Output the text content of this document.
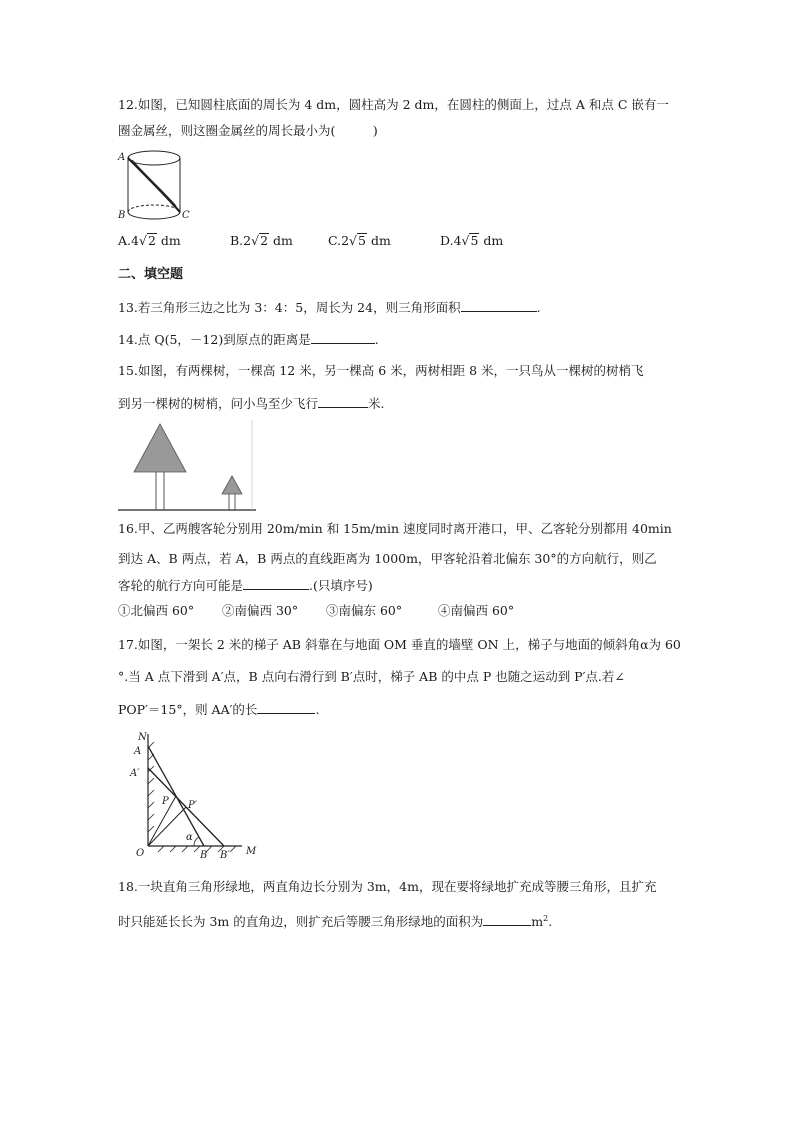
12.如图，已知圆柱底面的周长为 4 dm，圆柱高为 2 dm，在圆柱的侧面上，过点 A 和点 C 嵌有一
圈金属丝，则这圈金属丝的周长最小为(　　　)
A
B	C
A.4√2 dm	B.2√2 dm	C.2√5 dm	D.4√5 dm
二、填空题
13.若三角形三边之比为 3：4：5，周长为 24，则三角形面积	.
14.点 Q(5，－12)到原点的距离是	.
15.如图，有两棵树，一棵高 12 米，另一棵高 6 米，两树相距 8 米，一只鸟从一棵树的树梢飞
到另一棵树的树梢，问小鸟至少飞行	米.
16.甲、乙两艘客轮分别用 20m/min 和 15m/min 速度同时离开港口，甲、乙客轮分别都用 40min
到达 A、B 两点，若 A，B 两点的直线距离为 1000m，甲客轮沿着北偏东 30°的方向航行，则乙
客轮的航行方向可能是	.(只填序号)
①北偏西 60° ②南偏西 30° ③南偏东 60°	④南偏西 60°
17.如图，一架长 2 米的梯子 AB 斜靠在与地面 OM 垂直的墙壁 ON 上，梯子与地面的倾斜角α为 60
°.当 A 点下滑到 A′点，B 点向右滑行到 B′点时，梯子 AB 的中点 P 也随之运动到 P′点.若∠
POP′＝15°，则 AA′的长	.
N
A
A′
P P′
α
O	B B′ M
18.一块直角三角形绿地，两直角边长分别为 3m，4m，现在要将绿地扩充成等腰三角形，且扩充
时只能延长长为 3m 的直角边，则扩充后等腰三角形绿地的面积为	$m^2$.
